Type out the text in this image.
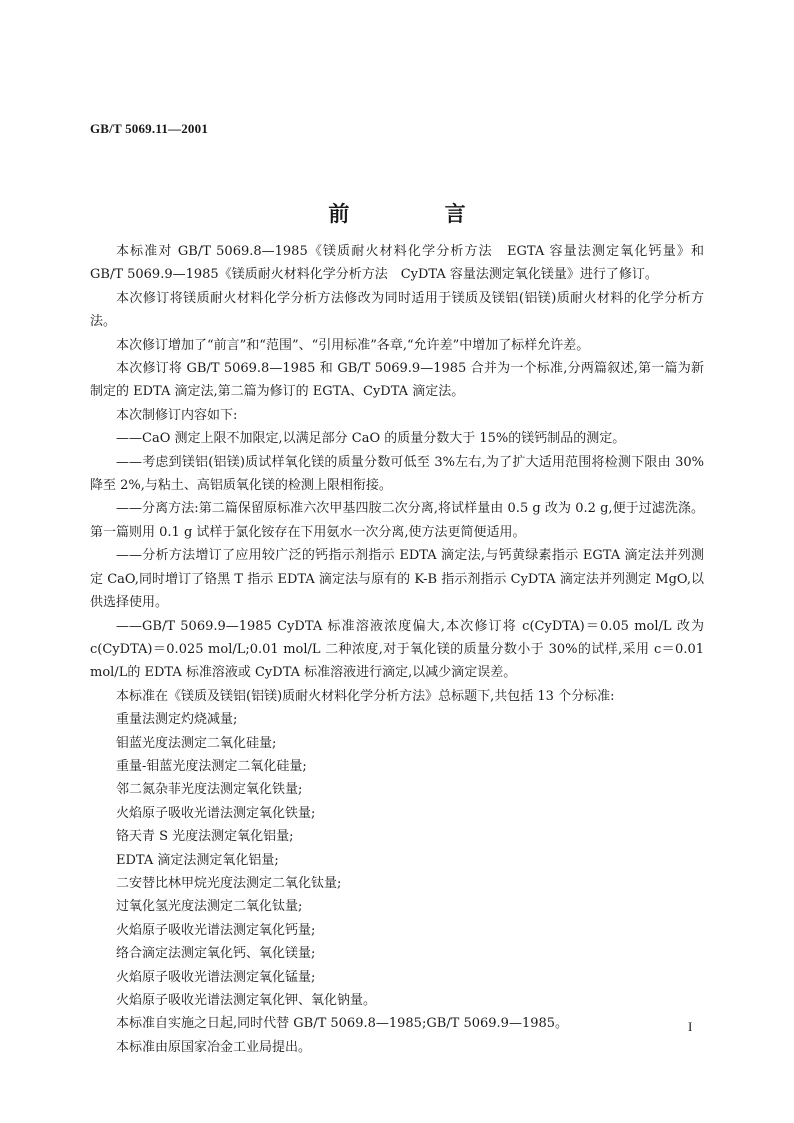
GB/T 5069.11—2001
前 言

本标准对 GB/T 5069.8—1985《镁质耐火材料化学分析方法　EGTA 容量法测定氧化钙量》和 GB/T 5069.9—1985《镁质耐火材料化学分析方法　CyDTA 容量法测定氧化镁量》进行了修订。

本次修订将镁质耐火材料化学分析方法修改为同时适用于镁质及镁铝(铝镁)质耐火材料的化学分析方法。

本次修订增加了“前言”和“范围”、“引用标准”各章,“允许差”中增加了标样允许差。

本次修订将 GB/T 5069.8—1985 和 GB/T 5069.9—1985 合并为一个标准,分两篇叙述,第一篇为新制定的 EDTA 滴定法,第二篇为修订的 EGTA、CyDTA 滴定法。

本次制修订内容如下:

——CaO 测定上限不加限定,以满足部分 CaO 的质量分数大于 15%的镁钙制品的测定。

——考虑到镁铝(铝镁)质试样氧化镁的质量分数可低至 3%左右,为了扩大适用范围将检测下限由 30%降至 2%,与粘土、高铝质氧化镁的检测上限相衔接。

——分离方法:第二篇保留原标准六次甲基四胺二次分离,将试样量由 0.5 g 改为 0.2 g,便于过滤洗涤。第一篇则用 0.1 g 试样于氯化铵存在下用氨水一次分离,使方法更简便适用。

——分析方法增订了应用较广泛的钙指示剂指示 EDTA 滴定法,与钙黄绿素指示 EGTA 滴定法并列测定 CaO,同时增订了铬黑 T 指示 EDTA 滴定法与原有的 K-B 指示剂指示 CyDTA 滴定法并列测定 MgO,以供选择使用。

——GB/T 5069.9—1985 CyDTA 标准溶液浓度偏大,本次修订将 c(CyDTA)＝0.05 mol/L 改为 c(CyDTA)＝0.025 mol/L;0.01 mol/L 二种浓度,对于氧化镁的质量分数小于 30%的试样,采用 c＝0.01 mol/L的 EDTA 标准溶液或 CyDTA 标准溶液进行滴定,以减少滴定误差。

本标准在《镁质及镁铝(铝镁)质耐火材料化学分析方法》总标题下,共包括 13 个分标准:

重量法测定灼烧减量;

钼蓝光度法测定二氧化硅量;

重量-钼蓝光度法测定二氧化硅量;

邻二氮杂菲光度法测定氧化铁量;

火焰原子吸收光谱法测定氧化铁量;

铬天青 S 光度法测定氧化铝量;

EDTA 滴定法测定氧化铝量;

二安替比林甲烷光度法测定二氧化钛量;

过氧化氢光度法测定二氧化钛量;

火焰原子吸收光谱法测定氧化钙量;

络合滴定法测定氧化钙、氧化镁量;

火焰原子吸收光谱法测定氧化锰量;

火焰原子吸收光谱法测定氧化钾、氧化钠量。

本标准自实施之日起,同时代替 GB/T 5069.8—1985;GB/T 5069.9—1985。

本标准由原国家冶金工业局提出。

I
